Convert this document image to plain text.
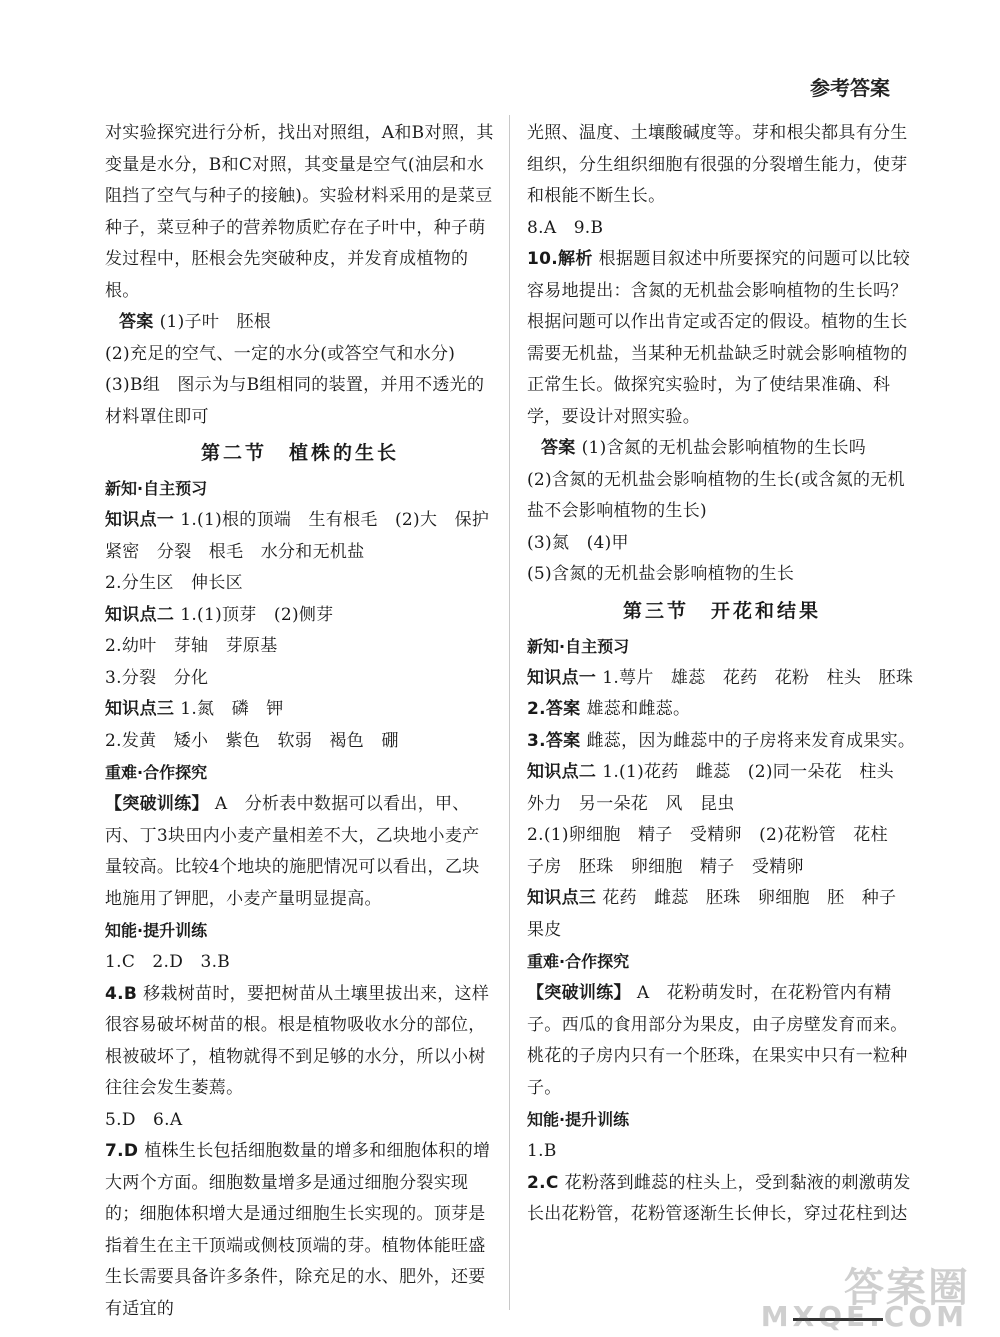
参考答案

对实验探究进行分析，找出对照组，A和B对照，其变量是水分，B和C对照，其变量是空气(油层和水阻挡了空气与种子的接触)。实验材料采用的是菜豆种子，菜豆种子的营养物质贮存在子叶中，种子萌发过程中，胚根会先突破种皮，并发育成植物的根。

答案 (1)子叶　胚根

(2)充足的空气、一定的水分(或答空气和水分)

(3)B组　图示为与B组相同的装置，并用不透光的材料罩住即可

第二节　植株的生长
新知·自主预习

知识点一 1.(1)根的顶端　生有根毛　(2)大　保护　紧密　分裂　根毛　水分和无机盐

2.分生区　伸长区

知识点二 1.(1)顶芽　(2)侧芽

2.幼叶　芽轴　芽原基

3.分裂　分化

知识点三 1.氮　磷　钾

2.发黄　矮小　紫色　软弱　褐色　硼

重难·合作探究

【突破训练】 A　分析表中数据可以看出，甲、丙、丁3块田内小麦产量相差不大，乙块地小麦产量较高。比较4个地块的施肥情况可以看出，乙块地施用了钾肥，小麦产量明显提高。

知能·提升训练

1.C　2.D　3.B

4.B 移栽树苗时，要把树苗从土壤里拔出来，这样很容易破坏树苗的根。根是植物吸收水分的部位，根被破坏了，植物就得不到足够的水分，所以小树往往会发生萎蔫。

5.D　6.A

7.D 植株生长包括细胞数量的增多和细胞体积的增大两个方面。细胞数量增多是通过细胞分裂实现的；细胞体积增大是通过细胞生长实现的。顶芽是指着生在主干顶端或侧枝顶端的芽。植物体能旺盛生长需要具备许多条件，除充足的水、肥外，还要有适宜的

光照、温度、土壤酸碱度等。芽和根尖都具有分生组织，分生组织细胞有很强的分裂增生能力，使芽和根能不断生长。

8.A　9.B

10.解析 根据题目叙述中所要探究的问题可以比较容易地提出：含氮的无机盐会影响植物的生长吗？根据问题可以作出肯定或否定的假设。植物的生长需要无机盐，当某种无机盐缺乏时就会影响植物的正常生长。做探究实验时，为了使结果准确、科学，要设计对照实验。

答案 (1)含氮的无机盐会影响植物的生长吗

(2)含氮的无机盐会影响植物的生长(或含氮的无机盐不会影响植物的生长)

(3)氮　(4)甲

(5)含氮的无机盐会影响植物的生长

第三节　开花和结果
新知·自主预习

知识点一 1.萼片　雄蕊　花药　花粉　柱头　胚珠

2.答案 雄蕊和雌蕊。

3.答案 雌蕊，因为雌蕊中的子房将来发育成果实。

知识点二 1.(1)花药　雌蕊　(2)同一朵花　柱头　外力　另一朵花　风　昆虫

2.(1)卵细胞　精子　受精卵　(2)花粉管　花柱　子房　胚珠　卵细胞　精子　受精卵

知识点三 花药　雌蕊　胚珠　卵细胞　胚　种子　果皮

重难·合作探究

【突破训练】 A　花粉萌发时，在花粉管内有精子。西瓜的食用部分为果皮，由子房壁发育而来。桃花的子房内只有一个胚珠，在果实中只有一粒种子。

知能·提升训练

1.B

2.C 花粉落到雌蕊的柱头上，受到黏液的刺激萌发长出花粉管，花粉管逐渐生长伸长，穿过花柱到达

答案圈
MXQE.COM
